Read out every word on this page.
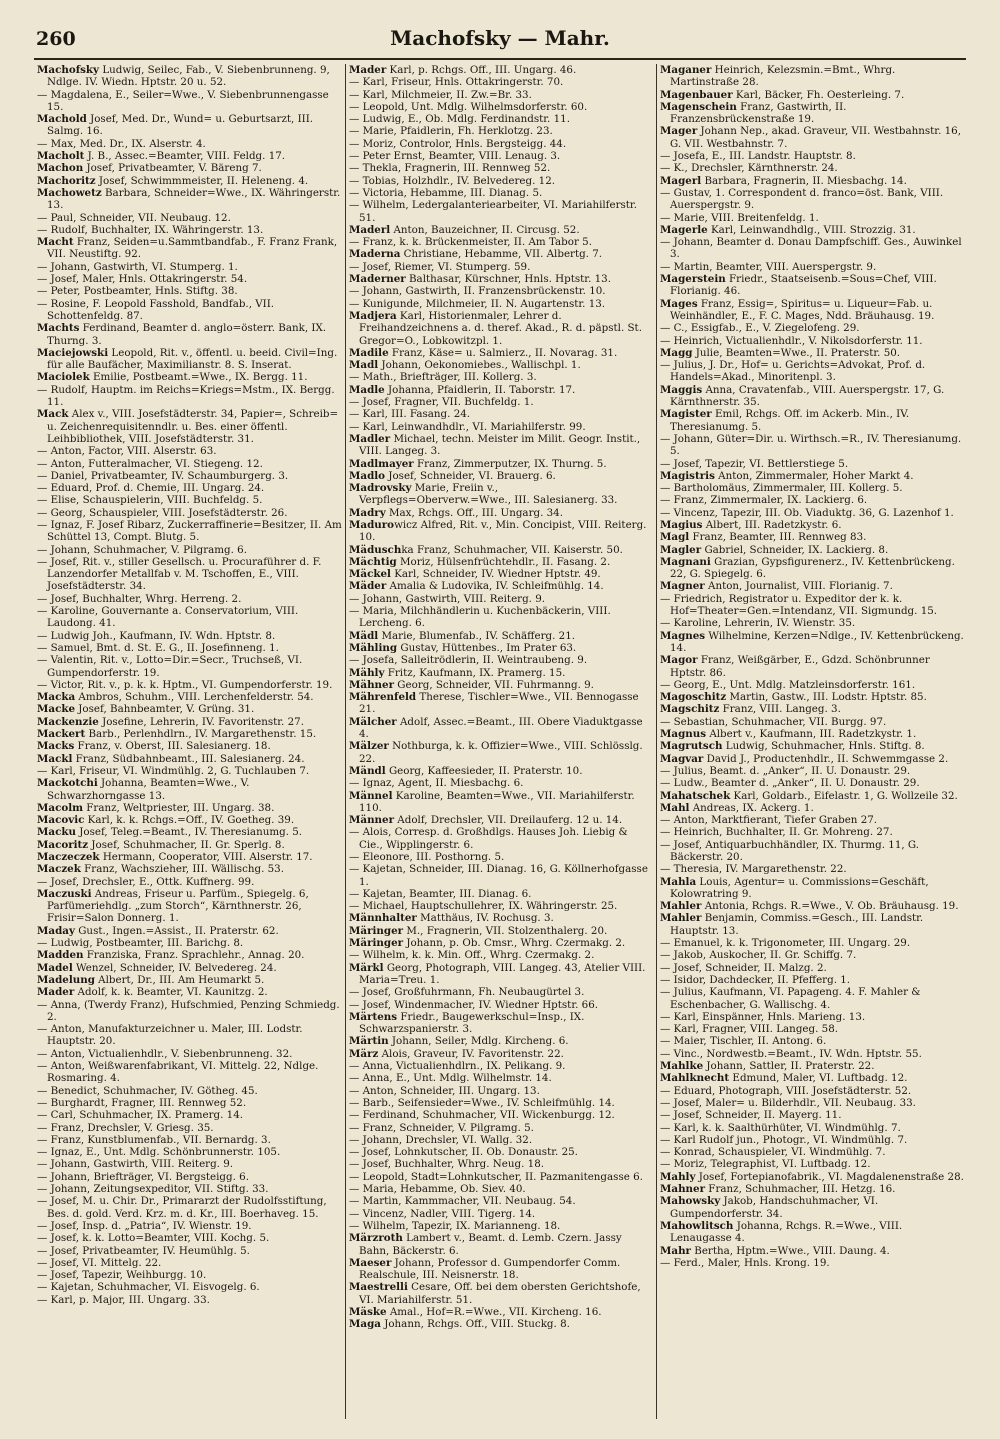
260	Machofsky — Mahr.

Machofsky Ludwig, Seilec, Fab., V. Siebenbrunneng. 9, Ndlge. IV. Wiedn. Hptstr. 20 u. 52.

— Magdalena, E., Seiler=Wwe., V. Siebenbrunnengasse 15.

Machold Josef, Med. Dr., Wund= u. Geburtsarzt, III. Salmg. 16.

— Max, Med. Dr., IX. Alserstr. 4.

Macholt J. B., Assec.=Beamter, VIII. Feldg. 17.

Machon Josef, Privatbeamter, V. Bäreng 7.

Machoritz Josef, Schwimmmeister, II. Heleneng. 4.

Machowetz Barbara, Schneider=Wwe., IX. Währingerstr. 13.

— Paul, Schneider, VII. Neubaug. 12.

— Rudolf, Buchhalter, IX. Währingerstr. 13.

Macht Franz, Seiden=u.Sammtbandfab., F. Franz Frank, VII. Neustiftg. 92.

— Johann, Gastwirth, VI. Stumperg. 1.

— Josef, Maler, Hnls. Ottakringerstr. 54.

— Peter, Postbeamter, Hnls. Stiftg. 38.

— Rosine, F. Leopold Fasshold, Bandfab., VII. Schottenfeldg. 87.

Machts Ferdinand, Beamter d. anglo=österr. Bank, IX. Thurng. 3.

Maciejowski Leopold, Rit. v., öffentl. u. beeid. Civil=Ing. für alle Baufächer, Maximilianstr. 8. S. Inserat.

Maciolek Emilie, Postbeamt.=Wwe., IX. Bergg. 11.

— Rudolf, Hauptm. im Reichs=Kriegs=Mstm., IX. Bergg. 11.

Mack Alex v., VIII. Josefstädterstr. 34, Papier=, Schreib= u. Zeichenrequisitenndlr. u. Bes. einer öffentl. Leihbibliothek, VIII. Josefstädterstr. 31.

— Anton, Factor, VIII. Alserstr. 63.

— Anton, Futteralmacher, VI. Stiegeng. 12.

— Daniel, Privatbeamter, IV. Schaumburgerg. 3.

— Eduard, Prof. d. Chemie, III. Ungarg. 24.

— Elise, Schauspielerin, VIII. Buchfeldg. 5.

— Georg, Schauspieler, VIII. Josefstädterstr. 26.

— Ignaz, F. Josef Ribarz, Zuckerraffinerie=Besitzer, II. Am Schüttel 13, Compt. Blutg. 5.

— Johann, Schuhmacher, V. Pilgramg. 6.

— Josef, Rit. v., stiller Gesellsch. u. Procuraführer d. F. Lanzendorfer Metallfab v. M. Tschoffen, E., VIII. Josefstädterstr. 34.

— Josef, Buchhalter, Whrg. Herreng. 2.

— Karoline, Gouvernante a. Conservatorium, VIII. Laudong. 41.

— Ludwig Joh., Kaufmann, IV. Wdn. Hptstr. 8.

— Samuel, Bmt. d. St. E. G., II. Josefinneng. 1.

— Valentin, Rit. v., Lotto=Dir.=Secr., Truchseß, VI. Gumpendorferstr. 19.

— Victor, Rit. v., p. k. k. Hptm., VI. Gumpendorferstr. 19.

Macka Ambros, Schuhm., VIII. Lerchenfelderstr. 54.

Macke Josef, Bahnbeamter, V. Grüng. 31.

Mackenzie Josefine, Lehrerin, IV. Favoritenstr. 27.

Mackert Barb., Perlenhdlrn., IV. Margarethenstr. 15.

Macks Franz, v. Oberst, III. Salesianerg. 18.

Mackl Franz, Südbahnbeamt., III. Salesianerg. 24.

— Karl, Friseur, VI. Windmühlg. 2, G. Tuchlauben 7.

Mackotchi Johanna, Beamten=Wwe., V. Schwarzhorngasse 13.

Macolm Franz, Weltpriester, III. Ungarg. 38.

Macovic Karl, k. k. Rchgs.=Off., IV. Goetheg. 39.

Macku Josef, Teleg.=Beamt., IV. Theresianumg. 5.

Macoritz Josef, Schuhmacher, II. Gr. Sperlg. 8.

Maczeczek Hermann, Cooperator, VIII. Alserstr. 17.

Maczek Franz, Wachszieher, III. Wällischg. 53.

— Josef, Drechsler, E., Ottk. Kuffnerg. 99.

Maczuski Andreas, Friseur u. Parfüm., Spiegelg. 6, Parfümeriehdlg. „zum Storch“, Kärnthnerstr. 26, Frisir=Salon Donnerg. 1.

Maday Gust., Ingen.=Assist., II. Praterstr. 62.

— Ludwig, Postbeamter, III. Barichg. 8.

Madden Franziska, Franz. Sprachlehr., Annag. 20.

Madel Wenzel, Schneider, IV. Belvedereg. 24.

Madelung Albert, Dr., III. Am Heumarkt 5.

Mader Adolf, k. k. Beamter, VI. Kaunitzg. 2.

— Anna, (Twerdy Franz), Hufschmied, Penzing Schmiedg. 2.

— Anton, Manufakturzeichner u. Maler, III. Lodstr. Hauptstr. 20.

— Anton, Victualienhdlr., V. Siebenbrunneng. 32.

— Anton, Weißwarenfabrikant, VI. Mittelg. 22, Ndlge. Rosmaring. 4.

— Benedict, Schuhmacher, IV. Götheg. 45.

— Burghardt, Fragner, III. Rennweg 52.

— Carl, Schuhmacher, IX. Pramerg. 14.

— Franz, Drechsler, V. Griesg. 35.

— Franz, Kunstblumenfab., VII. Bernardg. 3.

— Ignaz, E., Unt. Mdlg. Schönbrunnerstr. 105.

— Johann, Gastwirth, VIII. Reiterg. 9.

— Johann, Briefträger, VI. Bergsteigg. 6.

— Johann, Zeitungsexpeditor, VII. Stiftg. 33.

— Josef, M. u. Chir. Dr., Primararzt der Rudolfsstiftung, Bes. d. gold. Verd. Krz. m. d. Kr., III. Boerhaveg. 15.

— Josef, Insp. d. „Patria“, IV. Wienstr. 19.

— Josef, k. k. Lotto=Beamter, VIII. Kochg. 5.

— Josef, Privatbeamter, IV. Heumühlg. 5.

— Josef, VI. Mittelg. 22.

— Josef, Tapezir, Weihburgg. 10.

— Kajetan, Schuhmacher, VI. Eisvogelg. 6.

— Karl, p. Major, III. Ungarg. 33.

Mader Karl, p. Rchgs. Off., III. Ungarg. 46.

— Karl, Friseur, Hnls. Ottakringerstr. 70.

— Karl, Milchmeier, II. Zw.=Br. 33.

— Leopold, Unt. Mdlg. Wilhelmsdorferstr. 60.

— Ludwig, E., Ob. Mdlg. Ferdinandstr. 11.

— Marie, Pfaidlerin, Fh. Herklotzg. 23.

— Moriz, Controlor, Hnls. Bergsteigg. 44.

— Peter Ernst, Beamter, VIII. Lenaug. 3.

— Thekla, Fragnerin, III. Rennweg 52.

— Tobias, Holzhdlr., IV. Belvedereg. 12.

— Victoria, Hebamme, III. Dianag. 5.

— Wilhelm, Ledergalanteriearbeiter, VI. Mariahilferstr. 51.

Maderl Anton, Bauzeichner, II. Circusg. 52.

— Franz, k. k. Brückenmeister, II. Am Tabor 5.

Maderna Christiane, Hebamme, VII. Albertg. 7.

— Josef, Riemer, VI. Stumperg. 59.

Maderner Balthasar, Kürschner, Hnls. Hptstr. 13.

— Johann, Gastwirth, II. Franzensbrückenstr. 10.

— Kunigunde, Milchmeier, II. N. Augartenstr. 13.

Madjera Karl, Historienmaler, Lehrer d. Freihandzeichnens a. d. theref. Akad., R. d. päpstl. St. Gregor=O., Lobkowitzpl. 1.

Madile Franz, Käse= u. Salmierz., II. Novarag. 31.

Madl Johann, Oekonomiebes., Wallischpl. 1.

— Math., Briefträger, III. Kollerg. 3.

Madle Johanna, Pfaidlerin, II. Taborstr. 17.

— Josef, Fragner, VII. Buchfeldg. 1.

— Karl, III. Fasang. 24.

— Karl, Leinwandhdlr., VI. Mariahilferstr. 99.

Madler Michael, techn. Meister im Milit. Geogr. Instit., VIII. Langeg. 3.

Madlmayer Franz, Zimmerputzer, IX. Thurng. 5.

Madlo Josef, Schneider, VI. Brauerg. 6.

Madrovsky Marie, Freiin v., Verpflegs=Oberverw.=Wwe., III. Salesianerg. 33.

Madry Max, Rchgs. Off., III. Ungarg. 34.

Madurowicz Alfred, Rit. v., Min. Concipist, VIII. Reiterg. 10.

Mäduschka Franz, Schuhmacher, VII. Kaiserstr. 50.

Mächtig Moriz, Hülsenfrüchtehdlr., II. Fasang. 2.

Mäckel Karl, Schneider, IV. Wiedner Hptstr. 49.

Mäder Amalia & Ludovika, IV. Schleifmühlg. 14.

— Johann, Gastwirth, VIII. Reiterg. 9.

— Maria, Milchhändlerin u. Kuchenbäckerin, VIII. Lercheng. 6.

Mädl Marie, Blumenfab., IV. Schäfferg. 21.

Mähling Gustav, Hüttenbes., Im Prater 63.

— Josefa, Salleitrödlerin, II. Weintraubeng. 9.

Mähly Fritz, Kaufmann, IX. Pramerg. 15.

Mähner Georg, Schneider, VII. Fuhrmanng. 9.

Mährenfeld Therese, Tischler=Wwe., VII. Bennogasse 21.

Mälcher Adolf, Assec.=Beamt., III. Obere Viaduktgasse 4.

Mälzer Nothburga, k. k. Offizier=Wwe., VIII. Schlösslg. 22.

Mändl Georg, Kaffeesieder, II. Praterstr. 10.

— Ignaz, Agent, II. Miesbachg. 6.

Männel Karoline, Beamten=Wwe., VII. Mariahilferstr. 110.

Männer Adolf, Drechsler, VII. Dreilauferg. 12 u. 14.

— Alois, Corresp. d. Großhdlgs. Hauses Joh. Liebig & Cie., Wipplingerstr. 6.

— Eleonore, III. Posthorng. 5.

— Kajetan, Schneider, III. Dianag. 16, G. Köllnerhofgasse 1.

— Kajetan, Beamter, III. Dianag. 6.

— Michael, Hauptschullehrer, IX. Währingerstr. 25.

Männhalter Matthäus, IV. Rochusg. 3.

Märinger M., Fragnerin, VII. Stolzenthalerg. 20.

Märinger Johann, p. Ob. Cmsr., Whrg. Czermakg. 2.

— Wilhelm, k. k. Min. Off., Whrg. Czermakg. 2.

Märkl Georg, Photograph, VIII. Langeg. 43, Atelier VIII. Maria=Treu. 1.

— Josef, Großfuhrmann, Fh. Neubaugürtel 3.

— Josef, Windenmacher, IV. Wiedner Hptstr. 66.

Märtens Friedr., Baugewerkschul=Insp., IX. Schwarzspanierstr. 3.

Märtin Johann, Seiler, Mdlg. Kircheng. 6.

März Alois, Graveur, IV. Favoritenstr. 22.

— Anna, Victualienhdlrn., IX. Pelikang. 9.

— Anna, E., Unt. Mdlg. Wilhelmstr. 14.

— Anton, Schneider, III. Ungarg. 13.

— Barb., Seifensieder=Wwe., IV. Schleifmühlg. 14.

— Ferdinand, Schuhmacher, VII. Wickenburgg. 12.

— Franz, Schneider, V. Pilgramg. 5.

— Johann, Drechsler, VI. Wallg. 32.

— Josef, Lohnkutscher, II. Ob. Donaustr. 25.

— Josef, Buchhalter, Whrg. Neug. 18.

— Leopold, Stadt=Lohnkutscher, II. Pazmanitengasse 6.

— Maria, Hebamme, Ob. Siev. 40.

— Martin, Kammmacher, VII. Neubaug. 54.

— Vincenz, Nadler, VIII. Tigerg. 14.

— Wilhelm, Tapezir, IX. Marianneng. 18.

Märzroth Lambert v., Beamt. d. Lemb. Czern. Jassy Bahn, Bäckerstr. 6.

Maeser Johann, Professor d. Gumpendorfer Comm. Realschule, III. Neisnerstr. 18.

Maestrelli Cesare, Off. bei dem obersten Gerichtshofe, VI. Mariahilferstr. 51.

Mäske Amal., Hof=R.=Wwe., VII. Kircheng. 16.

Maga Johann, Rchgs. Off., VIII. Stuckg. 8.

Maganer Heinrich, Kelezsmin.=Bmt., Whrg. Martinstraße 28.

Magenbauer Karl, Bäcker, Fh. Oesterleing. 7.

Magenschein Franz, Gastwirth, II. Franzensbrückenstraße 19.

Mager Johann Nep., akad. Graveur, VII. Westbahnstr. 16, G. VII. Westbahnstr. 7.

— Josefa, E., III. Landstr. Hauptstr. 8.

— K., Drechsler, Kärnthnerstr. 24.

Magerl Barbara, Fragnerin, II. Miesbachg. 14.

— Gustav, 1. Correspondent d. franco=öst. Bank, VIII. Auerspergstr. 9.

— Marie, VIII. Breitenfeldg. 1.

Magerle Karl, Leinwandhdlg., VIII. Strozzig. 31.

— Johann, Beamter d. Donau Dampfschiff. Ges., Auwinkel 3.

— Martin, Beamter, VIII. Auerspergstr. 9.

Magerstein Friedr., Staatseisenb.=Sous=Chef, VIII. Florianig. 46.

Mages Franz, Essig=, Spiritus= u. Liqueur=Fab. u. Weinhändler, E., F. C. Mages, Ndd. Bräuhausg. 19.

— C., Essigfab., E., V. Ziegelofeng. 29.

— Heinrich, Victualienhdlr., V. Nikolsdorferstr. 11.

Magg Julie, Beamten=Wwe., II. Praterstr. 50.

— Julius, J. Dr., Hof= u. Gerichts=Advokat, Prof. d. Handels=Akad., Minoritenpl. 3.

Maggis Anna, Cravatenfab., VIII. Auerspergstr. 17, G. Kärnthnerstr. 35.

Magister Emil, Rchgs. Off. im Ackerb. Min., IV. Theresianumg. 5.

— Johann, Güter=Dir. u. Wirthsch.=R., IV. Theresianumg. 5.

— Josef, Tapezir, VI. Bettlerstiege 5.

Magistris Anton, Zimmermaler, Hoher Markt 4.

— Bartholomäus, Zimmermaler, III. Kollerg. 5.

— Franz, Zimmermaler, IX. Lackierg. 6.

— Vincenz, Tapezir, III. Ob. Viaduktg. 36, G. Lazenhof 1.

Magius Albert, III. Radetzkystr. 6.

Magl Franz, Beamter, III. Rennweg 83.

Magler Gabriel, Schneider, IX. Lackierg. 8.

Magnani Grazian, Gypsfigurenerz., IV. Kettenbrückeng. 22, G. Spiegelg. 6.

Magner Anton, Journalist, VIII. Florianig. 7.

— Friedrich, Registrator u. Expeditor der k. k. Hof=Theater=Gen.=Intendanz, VII. Sigmundg. 15.

— Karoline, Lehrerin, IV. Wienstr. 35.

Magnes Wilhelmine, Kerzen=Ndlge., IV. Kettenbrückeng. 14.

Magor Franz, Weißgärber, E., Gdzd. Schönbrunner Hptstr. 86.

— Georg, E., Unt. Mdlg. Matzleinsdorferstr. 161.

Magoschitz Martin, Gastw., III. Lodstr. Hptstr. 85.

Magschitz Franz, VIII. Langeg. 3.

— Sebastian, Schuhmacher, VII. Burgg. 97.

Magnus Albert v., Kaufmann, III. Radetzkystr. 1.

Magrutsch Ludwig, Schuhmacher, Hnls. Stiftg. 8.

Magvar David J., Productenhdlr., II. Schwemmgasse 2.

— Julius, Beamt. d. „Anker“, II. U. Donaustr. 29.

— Ludw., Beamter d. „Anker“, II. U. Donaustr. 29.

Mahatschek Karl, Goldarb., Eifelastr. 1, G. Wollzeile 32.

Mahl Andreas, IX. Ackerg. 1.

— Anton, Marktfierant, Tiefer Graben 27.

— Heinrich, Buchhalter, II. Gr. Mohreng. 27.

— Josef, Antiquarbuchhändler, IX. Thurmg. 11, G. Bäckerstr. 20.

— Theresia, IV. Margarethenstr. 22.

Mahla Louis, Agentur= u. Commissions=Geschäft, Kolowratring 9.

Mahler Antonia, Rchgs. R.=Wwe., V. Ob. Bräuhausg. 19.

Mahler Benjamin, Commiss.=Gesch., III. Landstr. Hauptstr. 13.

— Emanuel, k. k. Trigonometer, III. Ungarg. 29.

— Jakob, Auskocher, II. Gr. Schiffg. 7.

— Josef, Schneider, II. Malzg. 2.

— Isidor, Dachdecker, II. Pfefferg. 1.

— Julius, Kaufmann, VI. Papageng. 4. F. Mahler & Eschenbacher, G. Wallischg. 4.

— Karl, Einspänner, Hnls. Marieng. 13.

— Karl, Fragner, VIII. Langeg. 58.

— Maier, Tischler, II. Antong. 6.

— Vinc., Nordwestb.=Beamt., IV. Wdn. Hptstr. 55.

Mahlke Johann, Sattler, II. Praterstr. 22.

Mahlknecht Edmund, Maler, VI. Luftbadg. 12.

— Eduard, Photograph, VIII. Josefstädterstr. 52.

— Josef, Maler= u. Bilderhdlr., VII. Neubaug. 33.

— Josef, Schneider, II. Mayerg. 11.

— Karl, k. k. Saalthürhüter, VI. Windmühlg. 7.

— Karl Rudolf jun., Photogr., VI. Windmühlg. 7.

— Konrad, Schauspieler, VI. Windmühlg. 7.

— Moriz, Telegraphist, VI. Luftbadg. 12.

Mahly Josef, Fortepianofabrik., VI. Magdalenenstraße 28.

Mahner Franz, Schuhmacher, III. Hetzg. 16.

Mahowsky Jakob, Handschuhmacher, VI. Gumpendorferstr. 34.

Mahowlitsch Johanna, Rchgs. R.=Wwe., VIII. Lenaugasse 4.

Mahr Bertha, Hptm.=Wwe., VIII. Daung. 4.

— Ferd., Maler, Hnls. Krong. 19.
